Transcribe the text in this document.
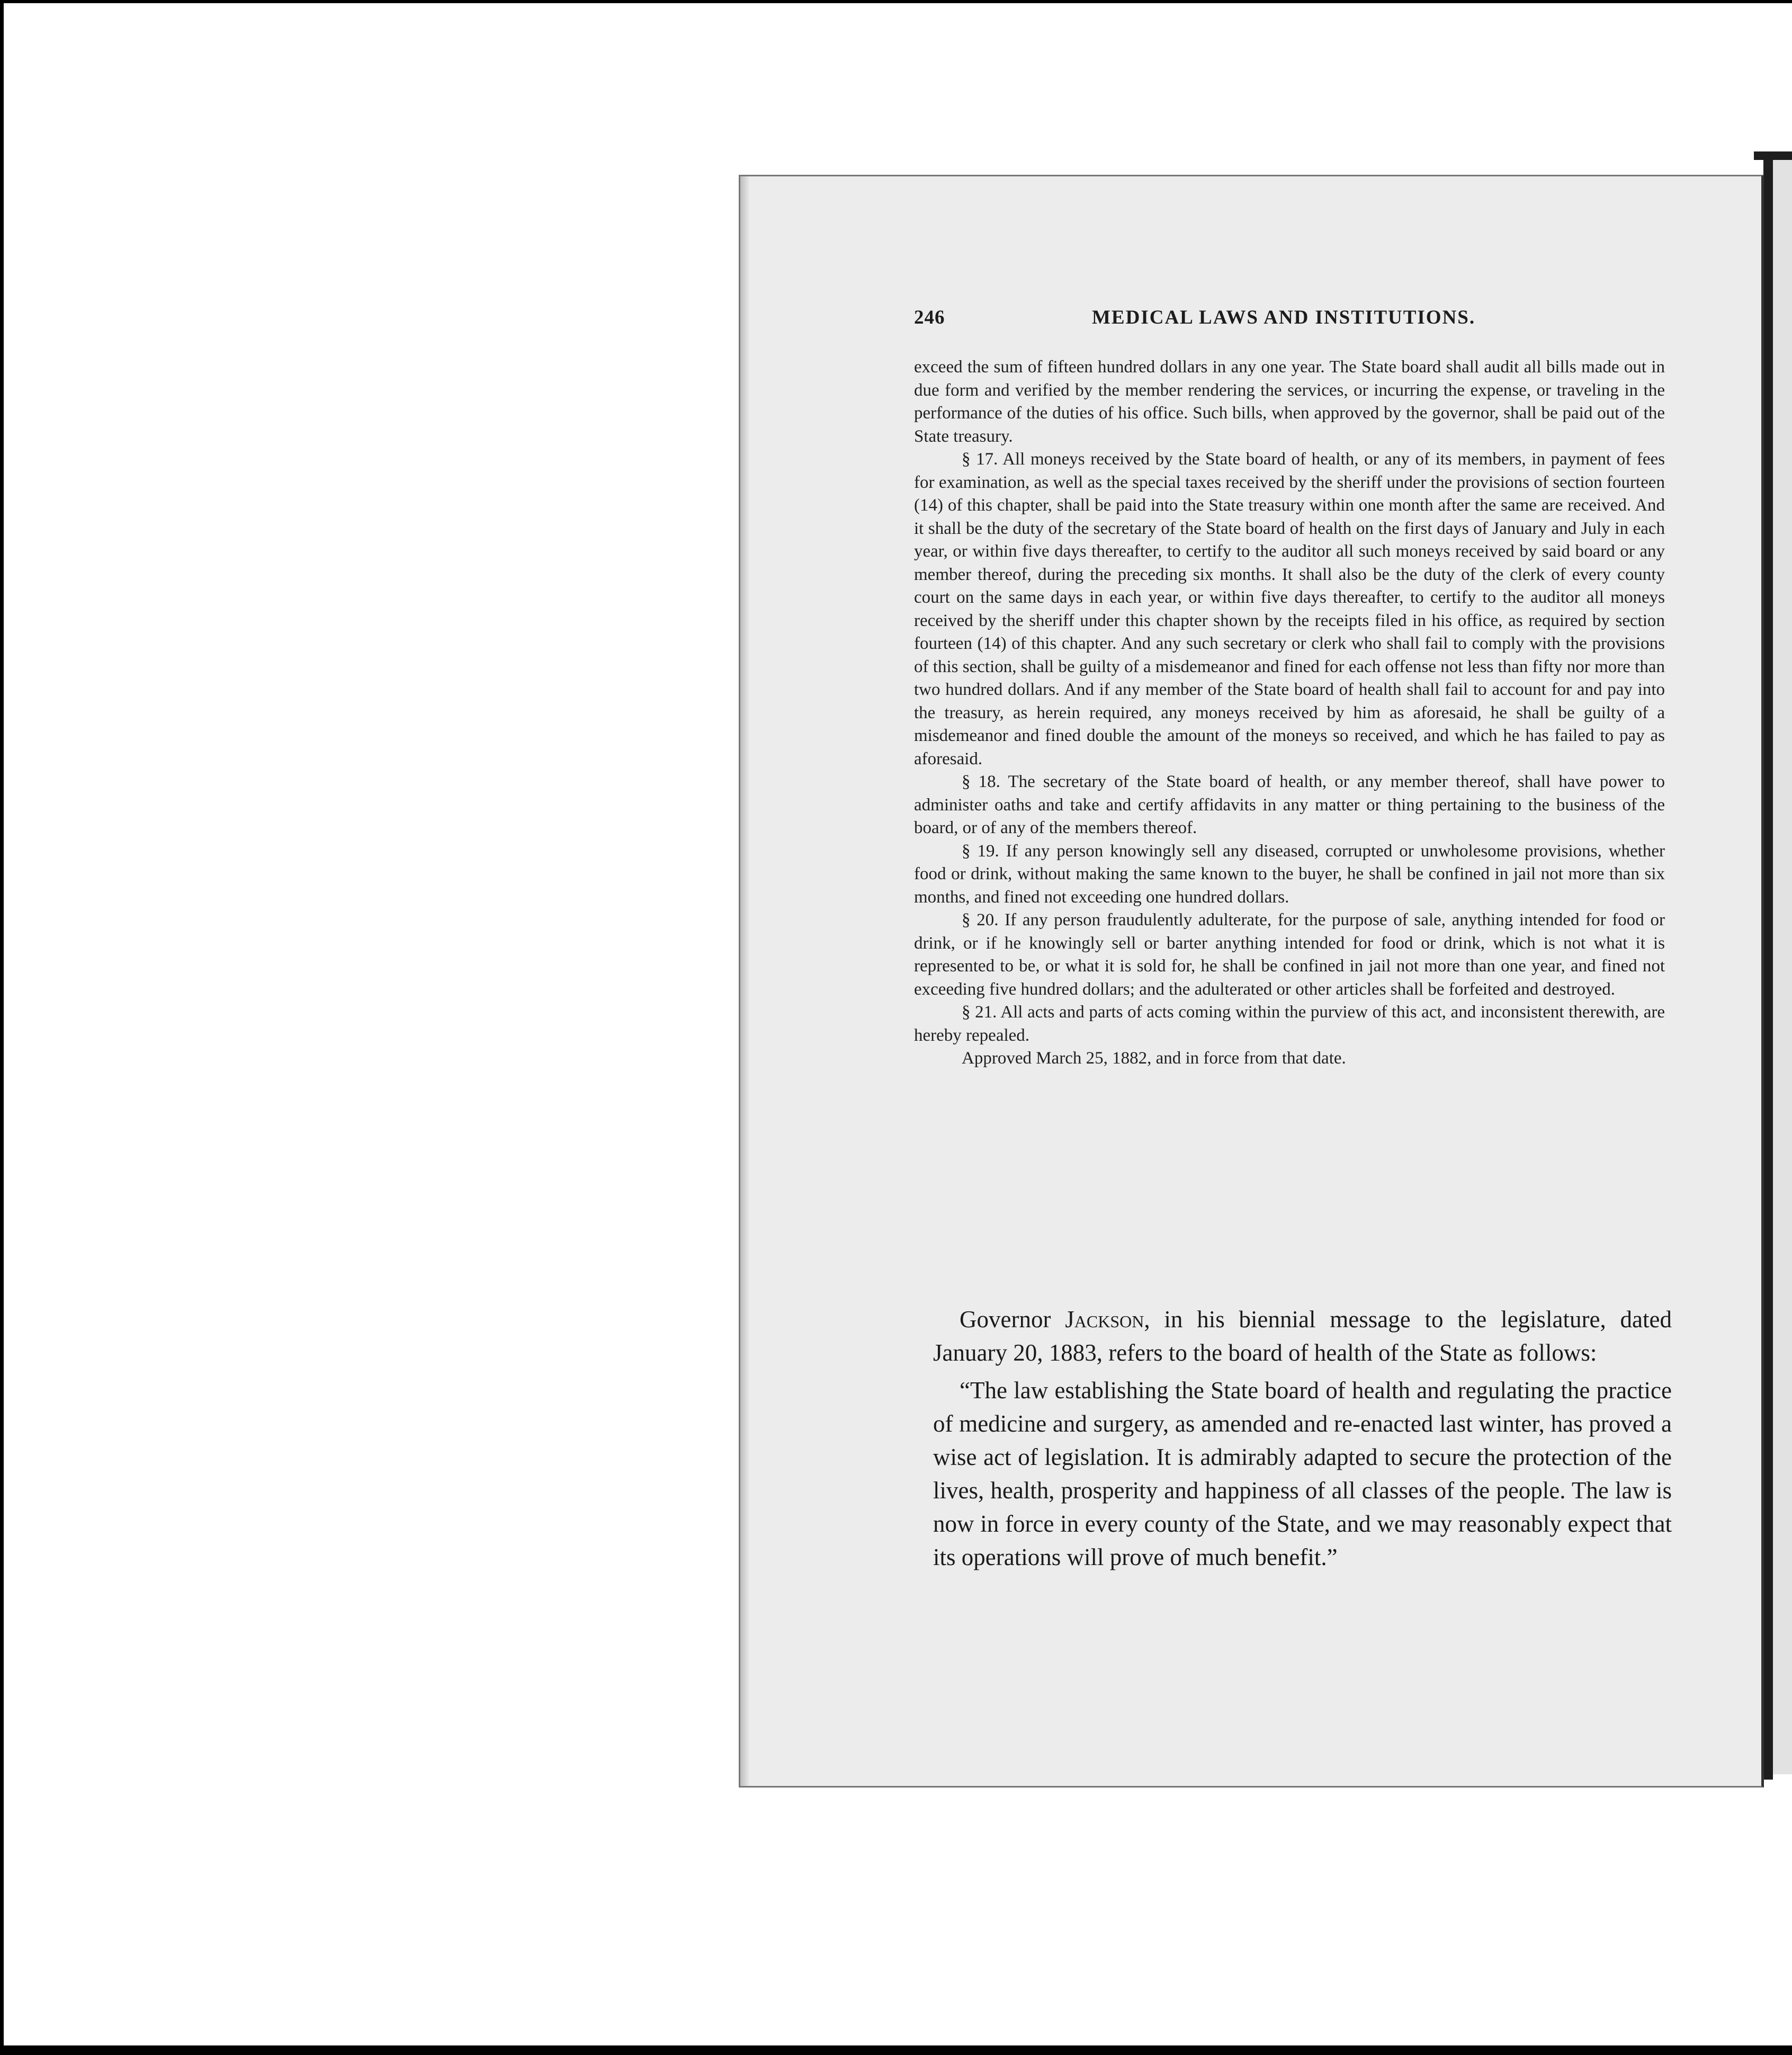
246	MEDICAL LAWS AND INSTITUTIONS.

exceed the sum of fifteen hundred dollars in any one year. The State board shall audit all bills made out in due form and verified by the member rendering the services, or incurring the expense, or traveling in the performance of the duties of his office. Such bills, when approved by the governor, shall be paid out of the State treasury.

§ 17. All moneys received by the State board of health, or any of its members, in payment of fees for examination, as well as the special taxes received by the sheriff under the provisions of section fourteen (14) of this chapter, shall be paid into the State treasury within one month after the same are received. And it shall be the duty of the secretary of the State board of health on the first days of January and July in each year, or within five days thereafter, to certify to the auditor all such moneys received by said board or any member thereof, during the preceding six months. It shall also be the duty of the clerk of every county court on the same days in each year, or within five days thereafter, to certify to the auditor all moneys received by the sheriff under this chapter shown by the receipts filed in his office, as required by section fourteen (14) of this chapter. And any such secretary or clerk who shall fail to comply with the provisions of this section, shall be guilty of a misdemeanor and fined for each offense not less than fifty nor more than two hundred dollars. And if any member of the State board of health shall fail to account for and pay into the treasury, as herein required, any moneys received by him as aforesaid, he shall be guilty of a misdemeanor and fined double the amount of the moneys so received, and which he has failed to pay as aforesaid.

§ 18. The secretary of the State board of health, or any member thereof, shall have power to administer oaths and take and certify affidavits in any matter or thing pertaining to the business of the board, or of any of the members thereof.

§ 19. If any person knowingly sell any diseased, corrupted or unwholesome provisions, whether food or drink, without making the same known to the buyer, he shall be confined in jail not more than six months, and fined not exceeding one hundred dollars.

§ 20. If any person fraudulently adulterate, for the purpose of sale, anything intended for food or drink, or if he knowingly sell or barter anything intended for food or drink, which is not what it is represented to be, or what it is sold for, he shall be confined in jail not more than one year, and fined not exceeding five hundred dollars; and the adulterated or other articles shall be forfeited and destroyed.

§ 21. All acts and parts of acts coming within the purview of this act, and inconsistent therewith, are hereby repealed.

Approved March 25, 1882, and in force from that date.

Governor Jackson, in his biennial message to the legislature, dated January 20, 1883, refers to the board of health of the State as follows:

“The law establishing the State board of health and regulating the practice of medicine and surgery, as amended and re-enacted last winter, has proved a wise act of legislation. It is admirably adapted to secure the protection of the lives, health, prosperity and happiness of all classes of the people. The law is now in force in every county of the State, and we may reasonably expect that its operations will prove of much benefit.”
